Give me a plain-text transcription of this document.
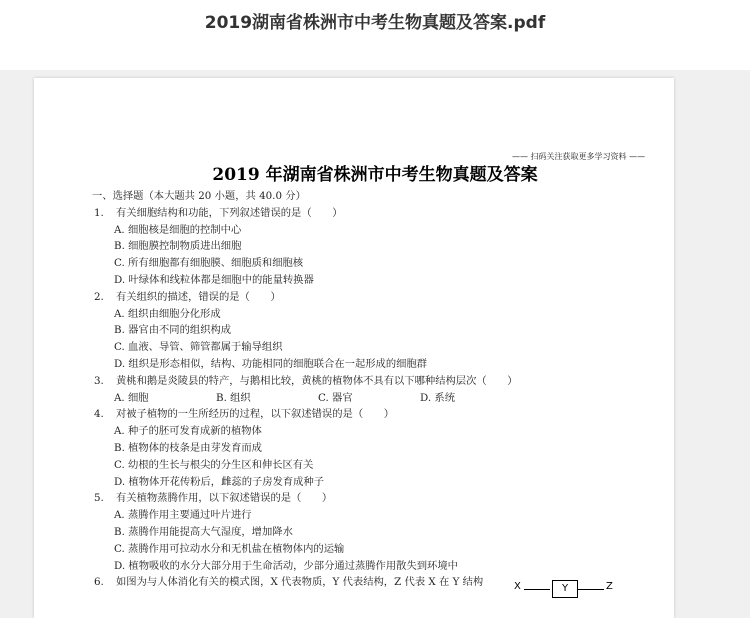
2019湖南省株洲市中考生物真题及答案.pdf
—— 扫码关注获取更多学习资料 ——
2019 年湖南省株洲市中考生物真题及答案
一、选择题（本大题共 20 小题，共 40.0 分）
1. 有关细胞结构和功能，下列叙述错误的是（　　）
A. 细胞核是细胞的控制中心
B. 细胞膜控制物质进出细胞
C. 所有细胞都有细胞膜、细胞质和细胞核
D. 叶绿体和线粒体都是细胞中的能量转换器
2. 有关组织的描述，错误的是（　　）
A. 组织由细胞分化形成
B. 器官由不同的组织构成
C. 血液、导管、筛管都属于输导组织
D. 组织是形态相似，结构、功能相同的细胞联合在一起形成的细胞群
3. 黄桃和鹅是炎陵县的特产，与鹅相比较，黄桃的植物体不具有以下哪种结构层次（　　）
A. 细胞	B. 组织	C. 器官	D. 系统
4. 对被子植物的一生所经历的过程，以下叙述错误的是（　　）
A. 种子的胚可发育成新的植物体
B. 植物体的枝条是由芽发育而成
C. 幼根的生长与根尖的分生区和伸长区有关
D. 植物体开花传粉后，雌蕊的子房发育成种子
5. 有关植物蒸腾作用，以下叙述错误的是（　　）
A. 蒸腾作用主要通过叶片进行
B. 蒸腾作用能提高大气湿度，增加降水
C. 蒸腾作用可拉动水分和无机盐在植物体内的运输
D. 植物吸收的水分大部分用于生命活动，少部分通过蒸腾作用散失到环境中
6. 如图为与人体消化有关的模式图，X 代表物质，Y 代表结构，Z 代表 X 在 Y 结构	X	Y	Z
